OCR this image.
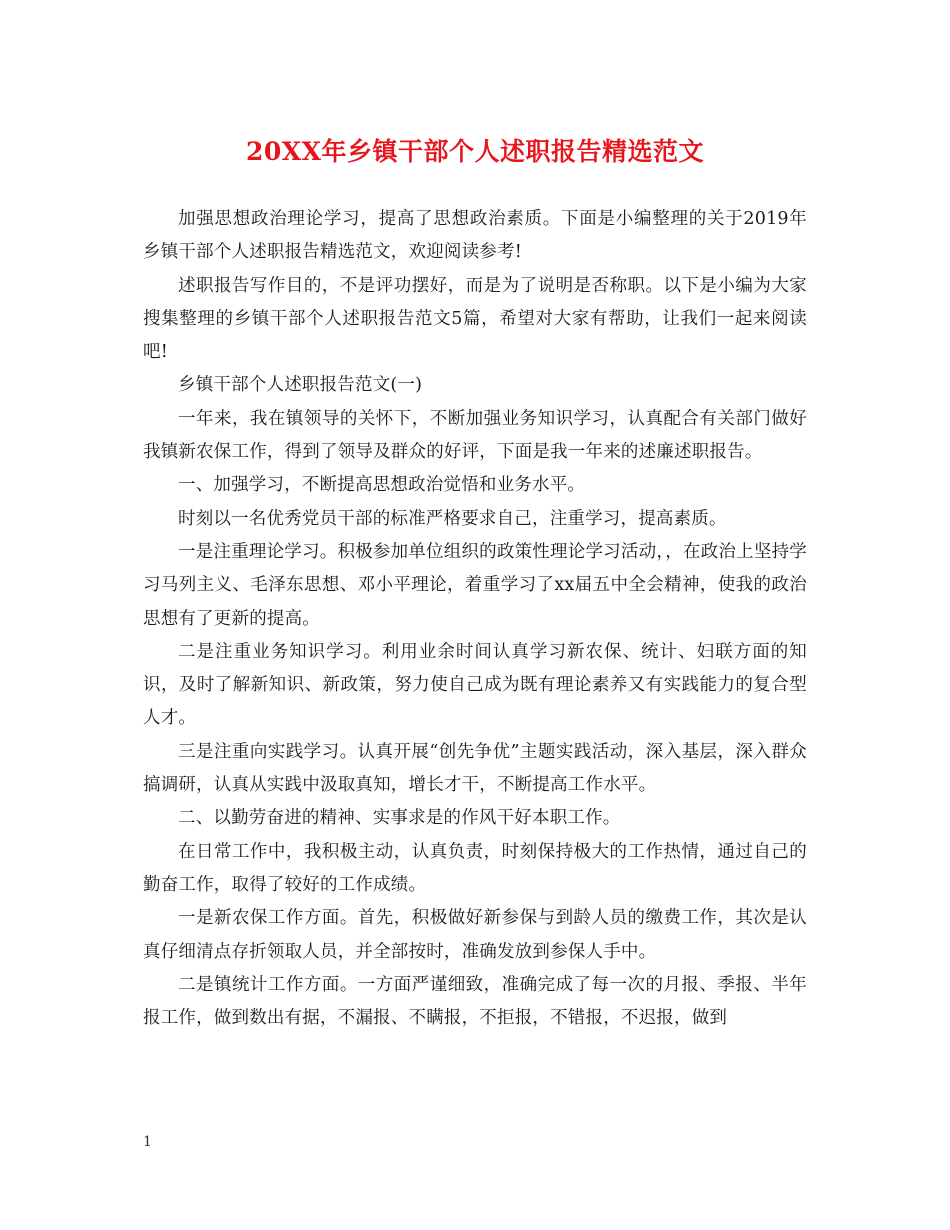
20XX年乡镇干部个人述职报告精选范文

加强思想政治理论学习，提高了思想政治素质。下面是小编整理的关于2019年乡镇干部个人述职报告精选范文，欢迎阅读参考!

述职报告写作目的，不是评功摆好，而是为了说明是否称职。以下是小编为大家搜集整理的乡镇干部个人述职报告范文5篇，希望对大家有帮助，让我们一起来阅读吧!

乡镇干部个人述职报告范文(一)

一年来，我在镇领导的关怀下，不断加强业务知识学习，认真配合有关部门做好我镇新农保工作，得到了领导及群众的好评，下面是我一年来的述廉述职报告。

一、加强学习，不断提高思想政治觉悟和业务水平。

时刻以一名优秀党员干部的标准严格要求自己，注重学习，提高素质。

一是注重理论学习。积极参加单位组织的政策性理论学习活动，，在政治上坚持学习马列主义、毛泽东思想、邓小平理论，着重学习了xx届五中全会精神，使我的政治思想有了更新的提高。

二是注重业务知识学习。利用业余时间认真学习新农保、统计、妇联方面的知识，及时了解新知识、新政策，努力使自己成为既有理论素养又有实践能力的复合型人才。

三是注重向实践学习。认真开展“创先争优”主题实践活动，深入基层，深入群众搞调研，认真从实践中汲取真知，增长才干，不断提高工作水平。

二、以勤劳奋进的精神、实事求是的作风干好本职工作。

在日常工作中，我积极主动，认真负责，时刻保持极大的工作热情，通过自己的勤奋工作，取得了较好的工作成绩。

一是新农保工作方面。首先，积极做好新参保与到龄人员的缴费工作，其次是认真仔细清点存折领取人员，并全部按时，准确发放到参保人手中。

二是镇统计工作方面。一方面严谨细致，准确完成了每一次的月报、季报、半年报工作，做到数出有据，不漏报、不瞒报，不拒报，不错报，不迟报，做到

1
